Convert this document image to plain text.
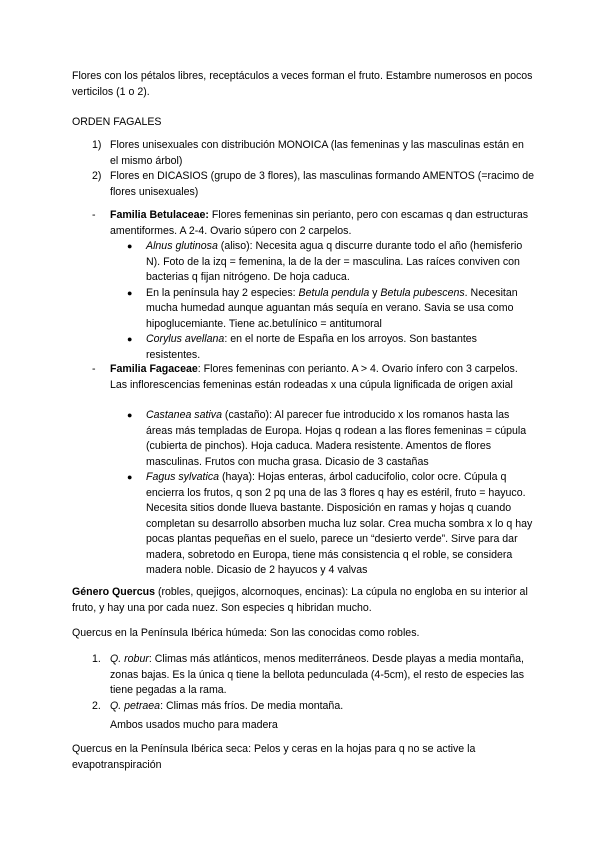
Flores con los pétalos libres, receptáculos a veces forman el fruto. Estambre numerosos en pocos verticilos (1 o 2).

ORDEN FAGALES

1) Flores unisexuales con distribución MONOICA (las femeninas y las masculinas están en el mismo árbol)
2) Flores en DICASIOS (grupo de 3 flores), las masculinas formando AMENTOS (=racimo de flores unisexuales)
- Familia Betulaceae: Flores femeninas sin perianto, pero con escamas q dan estructuras amentiformes. A 2-4. Ovario súpero con 2 carpelos.
● Alnus glutinosa (aliso): Necesita agua q discurre durante todo el año (hemisferio N). Foto de la izq = femenina, la de la der = masculina. Las raíces conviven con bacterias q fijan nitrógeno. De hoja caduca.
● En la península hay 2 especies: Betula pendula y Betula pubescens. Necesitan mucha humedad aunque aguantan más sequía en verano. Savia se usa como hipoglucemiante. Tiene ac.betulínico = antitumoral
● Corylus avellana: en el norte de España en los arroyos. Son bastantes resistentes.
- Familia Fagaceae: Flores femeninas con perianto. A > 4. Ovario ínfero con 3 carpelos. Las inflorescencias femeninas están rodeadas x una cúpula lignificada de origen axial
● Castanea sativa (castaño): Al parecer fue introducido x los romanos hasta las áreas más templadas de Europa. Hojas q rodean a las flores femeninas = cúpula (cubierta de pinchos). Hoja caduca. Madera resistente. Amentos de flores masculinas. Frutos con mucha grasa. Dicasio de 3 castañas
● Fagus sylvatica (haya): Hojas enteras, árbol caducifolio, color ocre. Cúpula q encierra los frutos, q son 2 pq una de las 3 flores q hay es estéril, fruto = hayuco. Necesita sitios donde llueva bastante. Disposición en ramas y hojas q cuando completan su desarrollo absorben mucha luz solar. Crea mucha sombra x lo q hay pocas plantas pequeñas en el suelo, parece un “desierto verde”. Sirve para dar madera, sobretodo en Europa, tiene más consistencia q el roble, se considera madera noble. Dicasio de 2 hayucos y 4 valvas

Género Quercus (robles, quejigos, alcornoques, encinas): La cúpula no engloba en su interior al fruto, y hay una por cada nuez. Son especies q hibridan mucho.

Quercus en la Península Ibérica húmeda: Son las conocidas como robles.

1. Q. robur: Climas más atlánticos, menos mediterráneos. Desde playas a media montaña, zonas bajas. Es la única q tiene la bellota pedunculada (4-5cm), el resto de especies las tiene pegadas a la rama.
2. Q. petraea: Climas más fríos. De media montaña.

Ambos usados mucho para madera

Quercus en la Península Ibérica seca: Pelos y ceras en la hojas para q no se active la evapotranspiración
